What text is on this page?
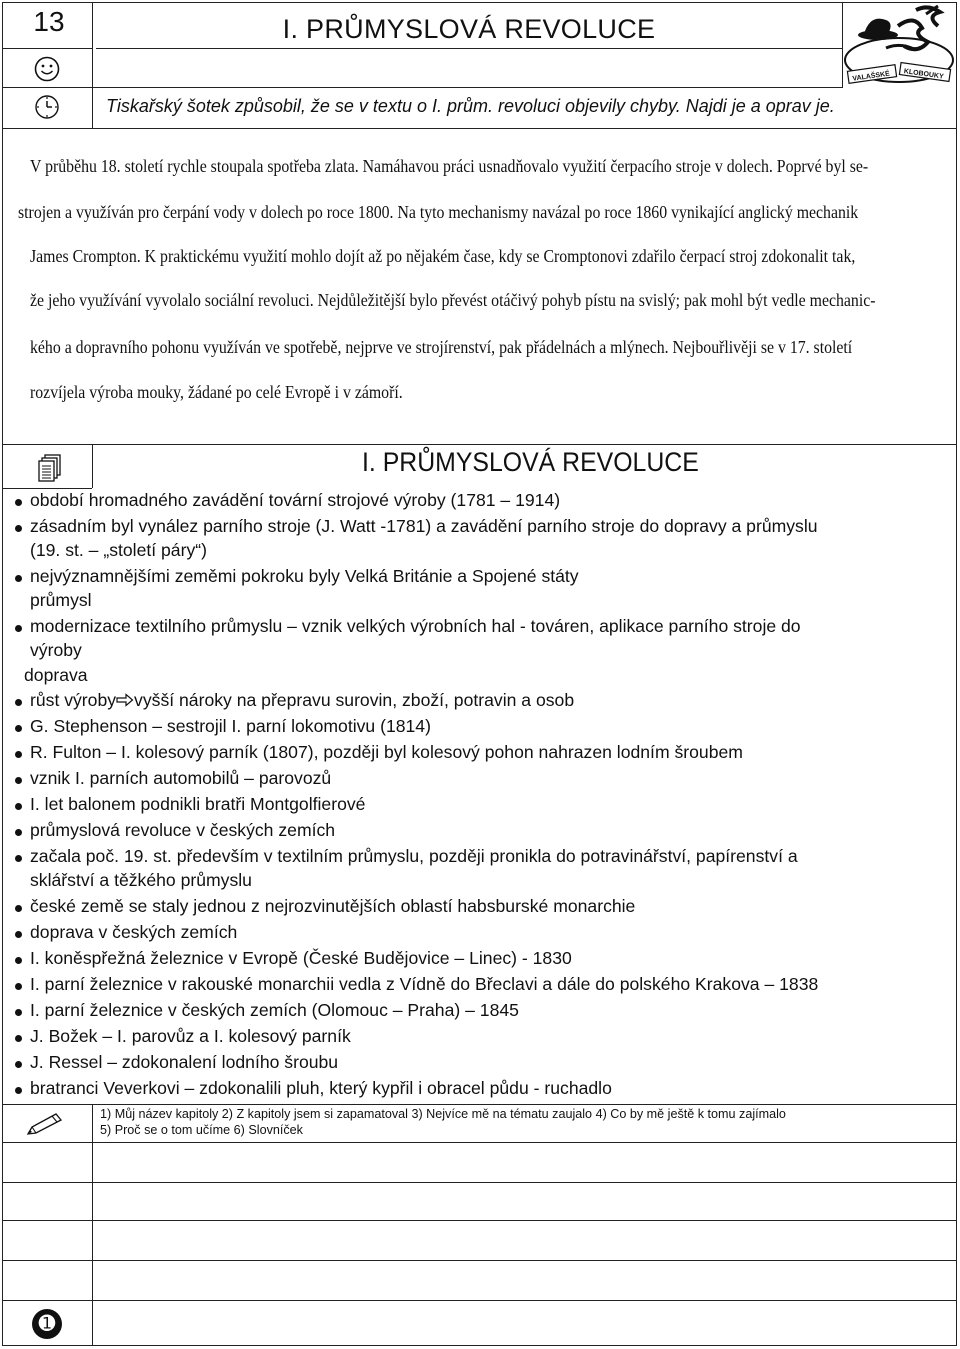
13	I. PRŮMYSLOVÁ REVOLUCE
Tiskařský šotek způsobil, že se v textu o I. prům. revoluci objevily chyby. Najdi je a oprav je.
VALAŠSKÉ KLOBOUKY
V průběhu 18. století rychle stoupala spotřeba zlata. Namáhavou práci usnadňovalo využití čerpacího stroje v dolech. Poprvé byl se-
strojen a využíván pro čerpání vody v dolech po roce 1800. Na tyto mechanismy navázal po roce 1860 vynikající anglický mechanik
James Crompton. K praktickému využití mohlo dojít až po nějakém čase, kdy se Cromptonovi zdařilo čerpací stroj zdokonalit tak,
že jeho využívání vyvolalo sociální revoluci. Nejdůležitější bylo převést otáčivý pohyb pístu na svislý; pak mohl být vedle mechanic-
kého a dopravního pohonu využíván ve spotřebě, nejprve ve strojírenství, pak přádelnách a mlýnech. Nejbouřlivěji se v 17. století
rozvíjela výroba mouky, žádané po celé Evropě i v zámoří.
I. PRŮMYSLOVÁ REVOLUCE
období hromadného zavádění tovární strojové výroby (1781 – 1914)
zásadním byl vynález parního stroje (J. Watt -1781) a zavádění parního stroje do dopravy a průmyslu
(19. st. – „století páry“)
nejvýznamnějšími zeměmi pokroku byly Velká Británie a Spojené státy
průmysl
modernizace textilního průmyslu – vznik velkých výrobních hal - továren, aplikace parního stroje do
výroby
doprava
růst výroby vyšší nároky na přepravu surovin, zboží, potravin a osob
G. Stephenson – sestrojil I. parní lokomotivu (1814)
R. Fulton – I. kolesový parník (1807), později byl kolesový pohon nahrazen lodním šroubem
vznik I. parních automobilů – parovozů
I. let balonem podnikli bratři Montgolfierové
průmyslová revoluce v českých zemích
začala poč. 19. st. především v textilním průmyslu, později pronikla do potravinářství, papírenství a
sklářství a těžkého průmyslu
české země se staly jednou z nejrozvinutějších oblastí habsburské monarchie
doprava v českých zemích
I. koněspřežná železnice v Evropě (České Budějovice – Linec) - 1830
I. parní železnice v rakouské monarchii vedla z Vídně do Břeclavi a dále do polského Krakova – 1838
I. parní železnice v českých zemích (Olomouc – Praha) – 1845
J. Božek – I. parovůz a I. kolesový parník
J. Ressel – zdokonalení lodního šroubu
bratranci Veverkovi – zdokonalili pluh, který kypřil i obracel půdu - ruchadlo
1) Můj název kapitoly 2) Z kapitoly jsem si zapamatoval 3) Nejvíce mě na tématu zaujalo 4) Co by mě ještě k tomu zajímalo
5) Proč se o tom učíme 6) Slovníček
➊
